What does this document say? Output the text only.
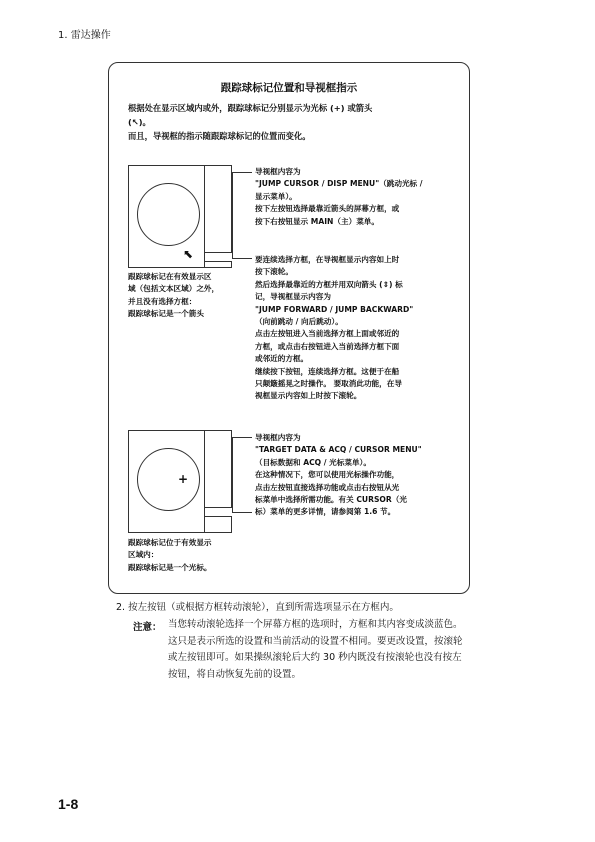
1. 雷达操作
跟踪球标记位置和导视框指示
根据处在显示区域内或外，跟踪球标记分别显示为光标 (+) 或箭头
(↖)。
而且，导视框的指示随跟踪球标记的位置而变化。
⬉
跟踪球标记在有效显示区
域（包括文本区域）之外，
并且没有选择方框：
跟踪球标记是一个箭头
导视框内容为
"JUMP CURSOR / DISP MENU"（跳动光标 /
显示菜单）。
按下左按钮选择最靠近箭头的屏幕方框，或
按下右按钮显示 MAIN（主）菜单。
要连续选择方框，在导视框显示内容如上时
按下滚轮。
然后选择最靠近的方框并用双向箭头 (⇕) 标
记，导视框显示内容为
"JUMP FORWARD / JUMP BACKWARD"
（向前跳动 / 向后跳动）。
点击左按钮进入当前选择方框上面或邻近的
方框，或点击右按钮进入当前选择方框下面
或邻近的方框。
继续按下按钮，连续选择方框。这便于在船
只颠簸摇晃之时操作。 要取消此功能，在导
视框显示内容如上时按下滚轮。
+
跟踪球标记位于有效显示
区域内：
跟踪球标记是一个光标。
导视框内容为
"TARGET DATA & ACQ / CURSOR MENU"
（目标数据和 ACQ / 光标菜单）。
在这种情况下，您可以使用光标操作功能，
点击左按钮直接选择功能或点击右按钮从光
标菜单中选择所需功能。有关 CURSOR（光
标）菜单的更多详情，请参阅第 1.6 节。
2. 按左按钮（或根据方框转动滚轮），直到所需选项显示在方框内。
注意： 当您转动滚轮选择一个屏幕方框的选项时，方框和其内容变成淡蓝色。
这只是表示所选的设置和当前活动的设置不相同。要更改设置，按滚轮
或左按钮即可。如果操纵滚轮后大约 30 秒内既没有按滚轮也没有按左
按钮，将自动恢复先前的设置。
1-8
